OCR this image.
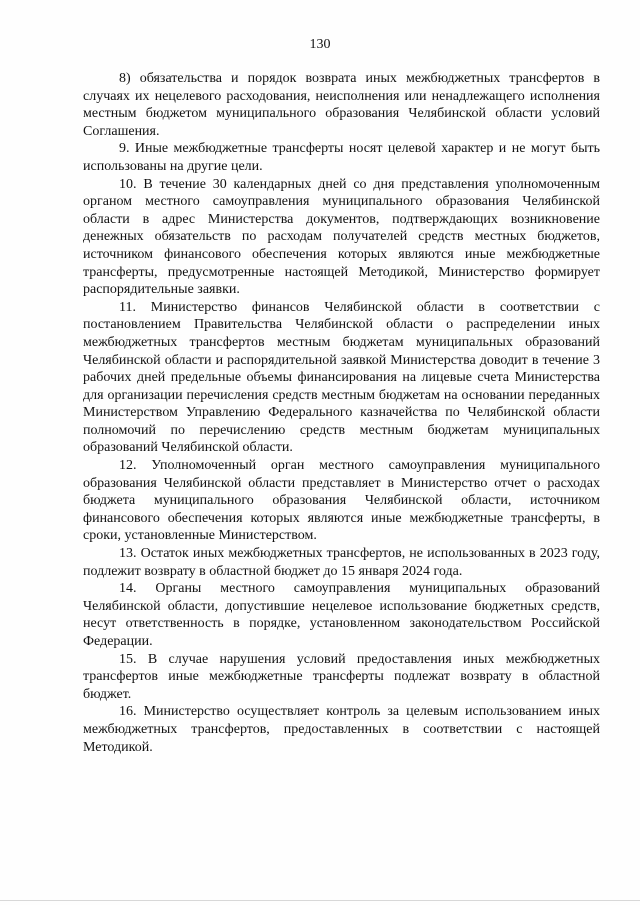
130

8) обязательства и порядок возврата иных межбюджетных трансфертов в случаях их нецелевого расходования, неисполнения или ненадлежащего исполнения местным бюджетом муниципального образования Челябинской области условий Соглашения.

9. Иные межбюджетные трансферты носят целевой характер и не могут быть использованы на другие цели.

10. В течение 30 календарных дней со дня представления уполномоченным органом местного самоуправления муниципального образования Челябинской области в адрес Министерства документов, подтверждающих возникновение денежных обязательств по расходам получателей средств местных бюджетов, источником финансового обеспечения которых являются иные межбюджетные трансферты, предусмотренные настоящей Методикой, Министерство формирует распорядительные заявки.

11. Министерство финансов Челябинской области в соответствии с постановлением Правительства Челябинской области о распределении иных межбюджетных трансфертов местным бюджетам муниципальных образований Челябинской области и распорядительной заявкой Министерства доводит в течение 3 рабочих дней предельные объемы финансирования на лицевые счета Министерства для организации перечисления средств местным бюджетам на основании переданных Министерством Управлению Федерального казначейства по Челябинской области полномочий по перечислению средств местным бюджетам муниципальных образований Челябинской области.

12. Уполномоченный орган местного самоуправления муниципального образования Челябинской области представляет в Министерство отчет о расходах бюджета муниципального образования Челябинской области, источником финансового обеспечения которых являются иные межбюджетные трансферты, в сроки, установленные Министерством.

13. Остаток иных межбюджетных трансфертов, не использованных в 2023 году, подлежит возврату в областной бюджет до 15 января 2024 года.

14. Органы местного самоуправления муниципальных образований Челябинской области, допустившие нецелевое использование бюджетных средств, несут ответственность в порядке, установленном законодательством Российской Федерации.

15. В случае нарушения условий предоставления иных межбюджетных трансфертов иные межбюджетные трансферты подлежат возврату в областной бюджет.

16. Министерство осуществляет контроль за целевым использованием иных межбюджетных трансфертов, предоставленных в соответствии с настоящей Методикой.
